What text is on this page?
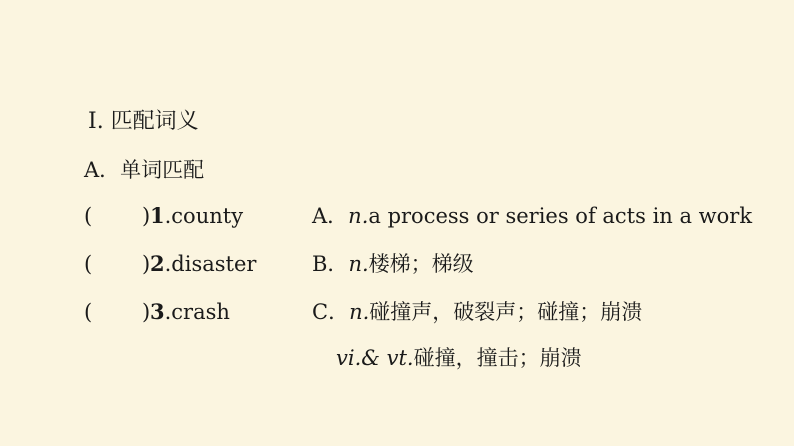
Ⅰ. 匹配词义
A．单词匹配
( ) 1.county	A．n.a process or series of acts in a work
( ) 2.disaster	B．n.楼梯；梯级
( ) 3.crash	C．n.碰撞声，破裂声；碰撞；崩溃
vi.& vt.碰撞，撞击；崩溃
